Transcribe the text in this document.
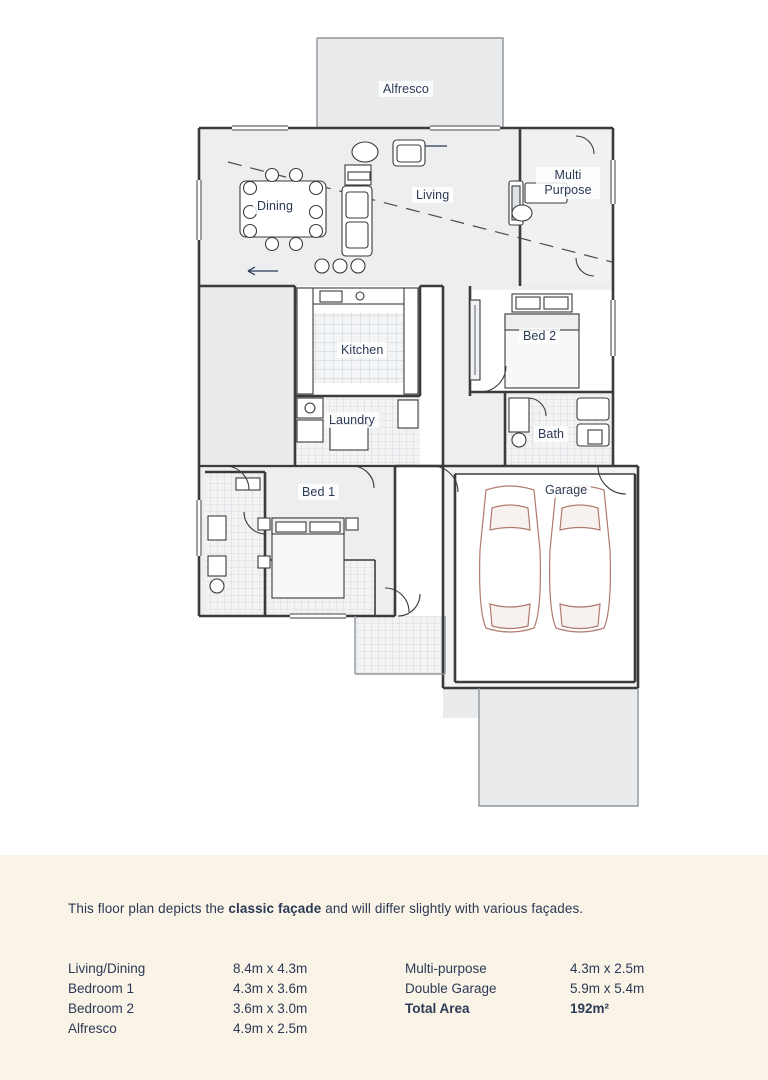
Alfresco
Dining
Living
Multi
Purpose
Kitchen
Bed 2
Laundry
Bath
Bed 1	Garage
This floor plan depicts the classic façade and will differ slightly with various façades.
Living/Dining	8.4m x 4.3m
Bedroom 1	4.3m x 3.6m
Bedroom 2	3.6m x 3.0m
Alfresco	4.9m x 2.5m
Multi-purpose	4.3m x 2.5m
Double Garage	5.9m x 5.4m
Total Area	192m²
